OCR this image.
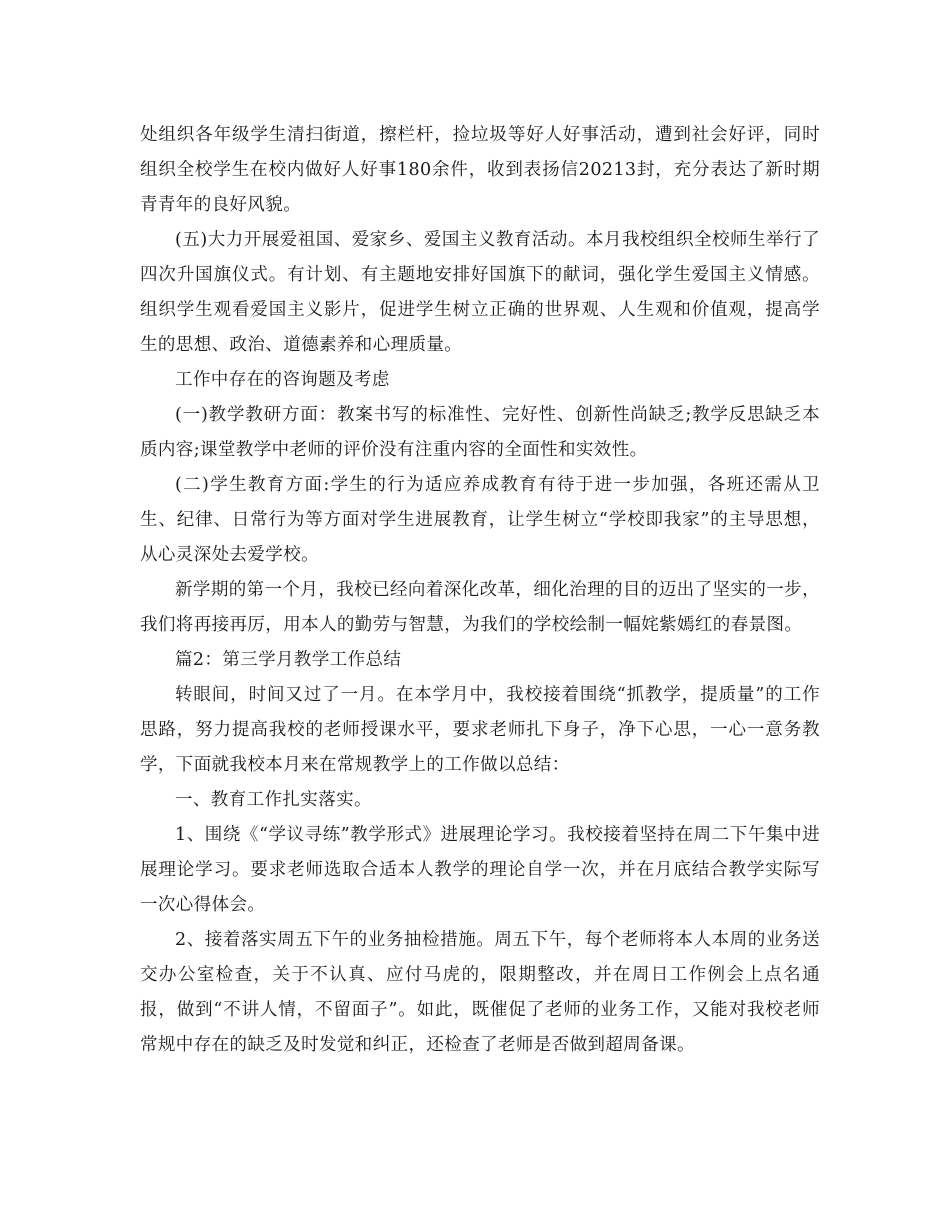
处组织各年级学生清扫街道，擦栏杆，捡垃圾等好人好事活动，遭到社会好评，同时组织全校学生在校内做好人好事180余件，收到表扬信20213封，充分表达了新时期青青年的良好风貌。

(五)大力开展爱祖国、爱家乡、爱国主义教育活动。本月我校组织全校师生举行了四次升国旗仪式。有计划、有主题地安排好国旗下的献词，强化学生爱国主义情感。组织学生观看爱国主义影片，促进学生树立正确的世界观、人生观和价值观，提高学生的思想、政治、道德素养和心理质量。

工作中存在的咨询题及考虑

(一)教学教研方面：教案书写的标准性、完好性、创新性尚缺乏;教学反思缺乏本质内容;课堂教学中老师的评价没有注重内容的全面性和实效性。

(二)学生教育方面:学生的行为适应养成教育有待于进一步加强，各班还需从卫生、纪律、日常行为等方面对学生进展教育，让学生树立“学校即我家”的主导思想，从心灵深处去爱学校。

新学期的第一个月，我校已经向着深化改革，细化治理的目的迈出了坚实的一步，我们将再接再厉，用本人的勤劳与智慧，为我们的学校绘制一幅姹紫嫣红的春景图。

篇2：第三学月教学工作总结

转眼间，时间又过了一月。在本学月中，我校接着围绕“抓教学，提质量”的工作思路，努力提高我校的老师授课水平，要求老师扎下身子，净下心思，一心一意务教学，下面就我校本月来在常规教学上的工作做以总结：

一、教育工作扎实落实。

1、围绕《“学议寻练”教学形式》进展理论学习。我校接着坚持在周二下午集中进展理论学习。要求老师选取合适本人教学的理论自学一次，并在月底结合教学实际写一次心得体会。

2、接着落实周五下午的业务抽检措施。周五下午，每个老师将本人本周的业务送交办公室检查，关于不认真、应付马虎的，限期整改，并在周日工作例会上点名通报，做到“不讲人情，不留面子”。如此，既催促了老师的业务工作，又能对我校老师常规中存在的缺乏及时发觉和纠正，还检查了老师是否做到超周备课。
